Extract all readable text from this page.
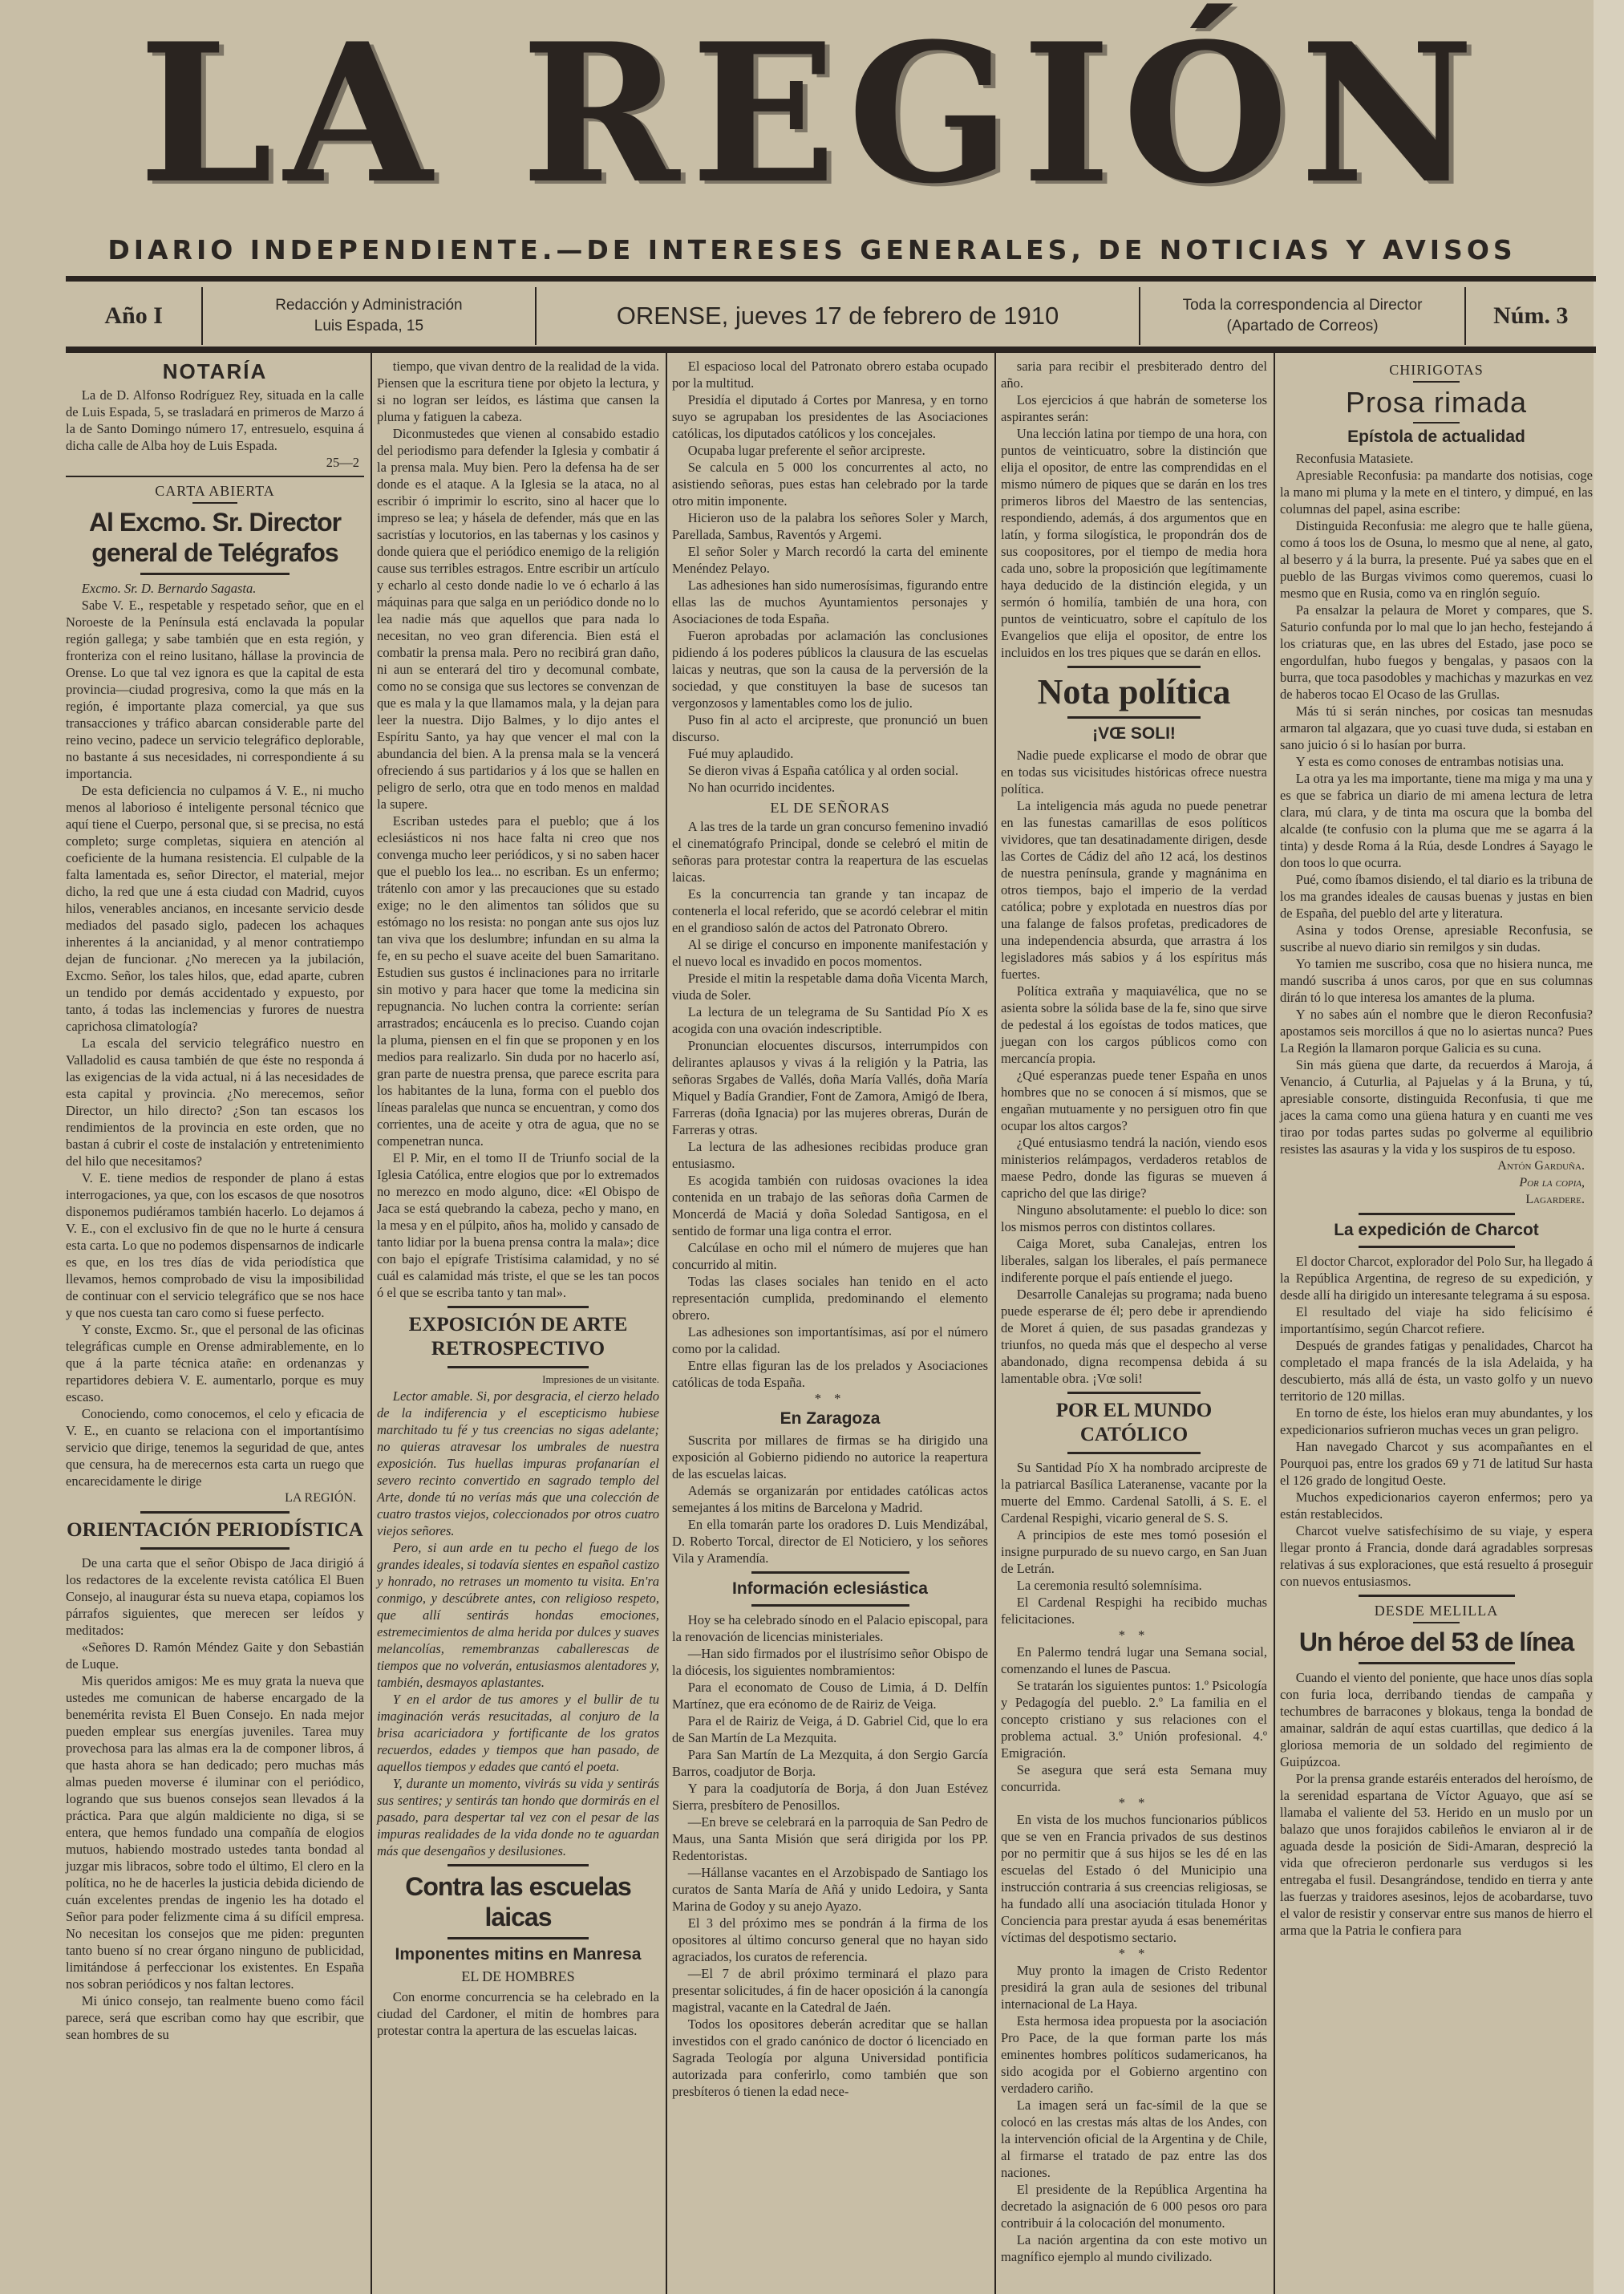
LA REGIÓN
DIARIO INDEPENDIENTE.—DE INTERESES GENERALES, DE NOTICIAS Y AVISOS
Año I	Redacción y Administración
Luis Espada, 15	ORENSE, jueves 17 de febrero de 1910	Toda la correspondencia al Director
(Apartado de Correos)	Núm. 3
NOTARÍA

La de D. Alfonso Rodríguez Rey, situada en la calle de Luis Espada, 5, se trasladará en primeros de Marzo á la de Santo Domingo número 17, entresuelo, esquina á dicha calle de Alba hoy de Luis Espada.

25—2
CARTA ABIERTA
Al Excmo. Sr. Director general de Telégrafos

Excmo. Sr. D. Bernardo Sagasta.

Sabe V. E., respetable y respetado señor, que en el Noroeste de la Península está enclavada la popular región gallega; y sabe también que en esta región, y fronteriza con el reino lusitano, hállase la provincia de Orense. Lo que tal vez ignora es que la capital de esta provincia—ciudad progresiva, como la que más en la región, é importante plaza comercial, ya que sus transacciones y tráfico abarcan considerable parte del reino vecino, padece un servicio telegráfico deplorable, no bastante á sus necesidades, ni correspondiente á su importancia.

De esta deficiencia no culpamos á V. E., ni mucho menos al laborioso é inteligente personal técnico que aquí tiene el Cuerpo, personal que, si se precisa, no está completo; surge completas, siquiera en atención al coeficiente de la humana resistencia. El culpable de la falta lamentada es, señor Director, el material, mejor dicho, la red que une á esta ciudad con Madrid, cuyos hilos, venerables ancianos, en incesante servicio desde mediados del pasado siglo, padecen los achaques inherentes á la ancianidad, y al menor contratiempo dejan de funcionar. ¿No merecen ya la jubilación, Excmo. Señor, los tales hilos, que, edad aparte, cubren un tendido por demás accidentado y expuesto, por tanto, á todas las inclemencias y furores de nuestra caprichosa climatología?

La escala del servicio telegráfico nuestro en Valladolid es causa también de que éste no responda á las exigencias de la vida actual, ni á las necesidades de esta capital y provincia. ¿No merecemos, señor Director, un hilo directo? ¿Son tan escasos los rendimientos de la provincia en este orden, que no bastan á cubrir el coste de instalación y entretenimiento del hilo que necesitamos?

V. E. tiene medios de responder de plano á estas interrogaciones, ya que, con los escasos de que nosotros disponemos pudiéramos también hacerlo. Lo dejamos á V. E., con el exclusivo fin de que no le hurte á censura esta carta. Lo que no podemos dispensarnos de indicarle es que, en los tres días de vida periodística que llevamos, hemos comprobado de visu la imposibilidad de continuar con el servicio telegráfico que se nos hace y que nos cuesta tan caro como si fuese perfecto.

Y conste, Excmo. Sr., que el personal de las oficinas telegráficas cumple en Orense admirablemente, en lo que á la parte técnica atañe: en ordenanzas y repartidores debiera V. E. aumentarlo, porque es muy escaso.

Conociendo, como conocemos, el celo y eficacia de V. E., en cuanto se relaciona con el importantísimo servicio que dirige, tenemos la seguridad de que, antes que censura, ha de merecernos esta carta un ruego que encarecidamente le dirige

LA REGIÓN.
ORIENTACIÓN PERIODÍSTICA

De una carta que el señor Obispo de Jaca dirigió á los redactores de la excelente revista católica El Buen Consejo, al inaugurar ésta su nueva etapa, copiamos los párrafos siguientes, que merecen ser leídos y meditados:

«Señores D. Ramón Méndez Gaite y don Sebastián de Luque.

Mis queridos amigos: Me es muy grata la nueva que ustedes me comunican de haberse encargado de la benemérita revista El Buen Consejo. En nada mejor pueden emplear sus energías juveniles. Tarea muy provechosa para las almas era la de componer libros, á que hasta ahora se han dedicado; pero muchas más almas pueden moverse é iluminar con el periódico, logrando que sus buenos consejos sean llevados á la práctica. Para que algún maldiciente no diga, si se entera, que hemos fundado una compañía de elogios mutuos, habiendo mostrado ustedes tanta bondad al juzgar mis libracos, sobre todo el último, El clero en la política, no he de hacerles la justicia debida diciendo de cuán excelentes prendas de ingenio les ha dotado el Señor para poder felizmente cima á su difícil empresa. No necesitan los consejos que me piden: pregunten tanto bueno sí no crear órgano ninguno de publicidad, limitándose á perfeccionar los existentes. En España nos sobran periódicos y nos faltan lectores.

Mi único consejo, tan realmente bueno como fácil parece, será que escriban como hay que escribir, que sean hombres de su

tiempo, que vivan dentro de la realidad de la vida. Piensen que la escritura tiene por objeto la lectura, y si no logran ser leídos, es lástima que cansen la pluma y fatiguen la cabeza.

Diconmustedes que vienen al consabido estadio del periodismo para defender la Iglesia y combatir á la prensa mala. Muy bien. Pero la defensa ha de ser donde es el ataque. A la Iglesia se la ataca, no al escribir ó imprimir lo escrito, sino al hacer que lo impreso se lea; y hásela de defender, más que en las sacristías y locutorios, en las tabernas y los casinos y donde quiera que el periódico enemigo de la religión cause sus terribles estragos. Entre escribir un artículo y echarlo al cesto donde nadie lo ve ó echarlo á las máquinas para que salga en un periódico donde no lo lea nadie más que aquellos que para nada lo necesitan, no veo gran diferencia. Bien está el combatir la prensa mala. Pero no recibirá gran daño, ni aun se enterará del tiro y decomunal combate, como no se consiga que sus lectores se convenzan de que es mala y la que llamamos mala, y la dejan para leer la nuestra. Dijo Balmes, y lo dijo antes el Espíritu Santo, ya hay que vencer el mal con la abundancia del bien. A la prensa mala se la vencerá ofreciendo á sus partidarios y á los que se hallen en peligro de serlo, otra que en todo menos en maldad la supere.

Escriban ustedes para el pueblo; que á los eclesiásticos ni nos hace falta ni creo que nos convenga mucho leer periódicos, y si no saben hacer que el pueblo los lea... no escriban. Es un enfermo; trátenlo con amor y las precauciones que su estado exige; no le den alimentos tan sólidos que su estómago no los resista: no pongan ante sus ojos luz tan viva que los deslumbre; infundan en su alma la fe, en su pecho el suave aceite del buen Samaritano. Estudien sus gustos é inclinaciones para no irritarle sin motivo y para hacer que tome la medicina sin repugnancia. No luchen contra la corriente: serían arrastrados; encáucenla es lo preciso. Cuando cojan la pluma, piensen en el fin que se proponen y en los medios para realizarlo. Sin duda por no hacerlo así, gran parte de nuestra prensa, que parece escrita para los habitantes de la luna, forma con el pueblo dos líneas paralelas que nunca se encuentran, y como dos corrientes, una de aceite y otra de agua, que no se compenetran nunca.

El P. Mir, en el tomo II de Triunfo social de la Iglesia Católica, entre elogios que por lo extremados no merezco en modo alguno, dice: «El Obispo de Jaca se está quebrando la cabeza, pecho y mano, en la mesa y en el púlpito, años ha, molido y cansado de tanto lidiar por la buena prensa contra la mala»; dice con bajo el epígrafe Tristísima calamidad, y no sé cuál es calamidad más triste, el que se les tan pocos ó el que se escriba tanto y tan mal».

EXPOSICIÓN DE ARTE RETROSPECTIVO
Impresiones de un visitante.

Lector amable. Si, por desgracia, el cierzo helado de la indiferencia y el escepticismo hubiese marchitado tu fé y tus creencias no sigas adelante; no quieras atravesar los umbrales de nuestra exposición. Tus huellas impuras profanarían el severo recinto convertido en sagrado templo del Arte, donde tú no verías más que una colección de cuatro trastos viejos, coleccionados por otros cuatro viejos señores.

Pero, si aun arde en tu pecho el fuego de los grandes ideales, si todavía sientes en español castizo y honrado, no retrases un momento tu visita. En'ra conmigo, y descúbrete antes, con religioso respeto, que allí sentirás hondas emociones, estremecimientos de alma herida por dulces y suaves melancolías, remembranzas caballerescas de tiempos que no volverán, entusiasmos alentadores y, también, desmayos aplastantes.

Y en el ardor de tus amores y el bullir de tu imaginación verás resucitadas, al conjuro de la brisa acariciadora y fortificante de los gratos recuerdos, edades y tiempos que han pasado, de aquellos tiempos y edades que cantó el poeta.

Y, durante un momento, vivirás su vida y sentirás sus sentires; y sentirás tan hondo que dormirás en el pasado, para despertar tal vez con el pesar de las impuras realidades de la vida donde no te aguardan más que desengaños y desilusiones.

Contra las escuelas laicas
Imponentes mitins en Manresa
EL DE HOMBRES

Con enorme concurrencia se ha celebrado en la ciudad del Cardoner, el mitin de hombres para protestar contra la apertura de las escuelas laicas.

El espacioso local del Patronato obrero estaba ocupado por la multitud.

Presidía el diputado á Cortes por Manresa, y en torno suyo se agrupaban los presidentes de las Asociaciones católicas, los diputados católicos y los concejales.

Ocupaba lugar preferente el señor arcipreste.

Se calcula en 5 000 los concurrentes al acto, no asistiendo señoras, pues estas han celebrado por la tarde otro mitin imponente.

Hicieron uso de la palabra los señores Soler y March, Parellada, Sambus, Raventós y Argemi.

El señor Soler y March recordó la carta del eminente Menéndez Pelayo.

Las adhesiones han sido numerosísimas, figurando entre ellas las de muchos Ayuntamientos personajes y Asociaciones de toda España.

Fueron aprobadas por aclamación las conclusiones pidiendo á los poderes públicos la clausura de las escuelas laicas y neutras, que son la causa de la perversión de la sociedad, y que constituyen la base de sucesos tan vergonzosos y lamentables como los de julio.

Puso fin al acto el arcipreste, que pronunció un buen discurso.

Fué muy aplaudido.

Se dieron vivas á España católica y al orden social.

No han ocurrido incidentes.

EL DE SEÑORAS

A las tres de la tarde un gran concurso femenino invadió el cinematógrafo Principal, donde se celebró el mitin de señoras para protestar contra la reapertura de las escuelas laicas.

Es la concurrencia tan grande y tan incapaz de contenerla el local referido, que se acordó celebrar el mitin en el grandioso salón de actos del Patronato Obrero.

Al se dirige el concurso en imponente manifestación y el nuevo local es invadido en pocos momentos.

Preside el mitin la respetable dama doña Vicenta March, viuda de Soler.

La lectura de un telegrama de Su Santidad Pío X es acogida con una ovación indescriptible.

Pronuncian elocuentes discursos, interrumpidos con delirantes aplausos y vivas á la religión y la Patria, las señoras Srgabes de Vallés, doña María Vallés, doña María Miquel y Badía Grandier, Font de Zamora, Amigó de Ibera, Farreras (doña Ignacia) por las mujeres obreras, Durán de Farreras y otras.

La lectura de las adhesiones recibidas produce gran entusiasmo.

Es acogida también con ruidosas ovaciones la idea contenida en un trabajo de las señoras doña Carmen de Moncerdá de Maciá y doña Soledad Santigosa, en el sentido de formar una liga contra el error.

Calcúlase en ocho mil el número de mujeres que han concurrido al mitin.

Todas las clases sociales han tenido en el acto representación cumplida, predominando el elemento obrero.

Las adhesiones son importantísimas, así por el número como por la calidad.

Entre ellas figuran las de los prelados y Asociaciones católicas de toda España.

* *
En Zaragoza

Suscrita por millares de firmas se ha dirigido una exposición al Gobierno pidiendo no autorice la reapertura de las escuelas laicas.

Además se organizarán por entidades católicas actos semejantes á los mitins de Barcelona y Madrid.

En ella tomarán parte los oradores D. Luis Mendizábal, D. Roberto Torcal, director de El Noticiero, y los señores Vila y Aramendía.

Información eclesiástica

Hoy se ha celebrado sínodo en el Palacio episcopal, para la renovación de licencias ministeriales.

—Han sido firmados por el ilustrísimo señor Obispo de la diócesis, los siguientes nombramientos:

Para el economato de Couso de Limia, á D. Delfín Martínez, que era ecónomo de de Rairiz de Veiga.

Para el de Rairiz de Veiga, á D. Gabriel Cid, que lo era de San Martín de La Mezquita.

Para San Martín de La Mezquita, á don Sergio García Barros, coadjutor de Borja.

Y para la coadjutoría de Borja, á don Juan Estévez Sierra, presbítero de Penosillos.

—En breve se celebrará en la parroquia de San Pedro de Maus, una Santa Misión que será dirigida por los PP. Redentoristas.

—Hállanse vacantes en el Arzobispado de Santiago los curatos de Santa María de Añá y unido Ledoira, y Santa Marina de Godoy y su anejo Ayazo.

El 3 del próximo mes se pondrán á la firma de los opositores al último concurso general que no hayan sido agraciados, los curatos de referencia.

—El 7 de abril próximo terminará el plazo para presentar solicitudes, á fin de hacer oposición á la canongía magistral, vacante en la Catedral de Jaén.

Todos los opositores deberán acreditar que se hallan investidos con el grado canónico de doctor ó licenciado en Sagrada Teología por alguna Universidad pontificia autorizada para conferirlo, como también que son presbíteros ó tienen la edad nece-

saria para recibir el presbiterado dentro del año.

Los ejercicios á que habrán de someterse los aspirantes serán:

Una lección latina por tiempo de una hora, con puntos de veinticuatro, sobre la distinción que elija el opositor, de entre las comprendidas en el mismo número de piques que se darán en los tres primeros libros del Maestro de las sentencias, respondiendo, además, á dos argumentos que en latín, y forma silogística, le propondrán dos de sus coopositores, por el tiempo de media hora cada uno, sobre la proposición que legítimamente haya deducido de la distinción elegida, y un sermón ó homilía, también de una hora, con puntos de veinticuatro, sobre el capítulo de los Evangelios que elija el opositor, de entre los incluidos en los tres piques que se darán en ellos.

Nota política
¡VŒ SOLI!

Nadie puede explicarse el modo de obrar que en todas sus vicisitudes históricas ofrece nuestra política.

La inteligencia más aguda no puede penetrar en las funestas camarillas de esos políticos vividores, que tan desatinadamente dirigen, desde las Cortes de Cádiz del año 12 acá, los destinos de nuestra península, grande y magnánima en otros tiempos, bajo el imperio de la verdad católica; pobre y explotada en nuestros días por una falange de falsos profetas, predicadores de una independencia absurda, que arrastra á los legisladores más sabios y á los espíritus más fuertes.

Política extraña y maquiavélica, que no se asienta sobre la sólida base de la fe, sino que sirve de pedestal á los egoístas de todos matices, que juegan con los cargos públicos como con mercancía propia.

¿Qué esperanzas puede tener España en unos hombres que no se conocen á sí mismos, que se engañan mutuamente y no persiguen otro fin que ocupar los altos cargos?

¿Qué entusiasmo tendrá la nación, viendo esos ministerios relámpagos, verdaderos retablos de maese Pedro, donde las figuras se mueven á capricho del que las dirige?

Ninguno absolutamente: el pueblo lo dice: son los mismos perros con distintos collares.

Caiga Moret, suba Canalejas, entren los liberales, salgan los liberales, el país permanece indiferente porque el país entiende el juego.

Desarrolle Canalejas su programa; nada bueno puede esperarse de él; pero debe ir aprendiendo de Moret á quien, de sus pasadas grandezas y triunfos, no queda más que el despecho al verse abandonado, digna recompensa debida á su lamentable obra. ¡Vœ soli!

POR EL MUNDO CATÓLICO

Su Santidad Pío X ha nombrado arcipreste de la patriarcal Basílica Lateranense, vacante por la muerte del Emmo. Cardenal Satolli, á S. E. el Cardenal Respighi, vicario general de S. S.

A principios de este mes tomó posesión el insigne purpurado de su nuevo cargo, en San Juan de Letrán.

La ceremonia resultó solemnísima.

El Cardenal Respighi ha recibido muchas felicitaciones.

* *

En Palermo tendrá lugar una Semana social, comenzando el lunes de Pascua.

Se tratarán los siguientes puntos: 1.º Psicología y Pedagogía del pueblo. 2.º La familia en el concepto cristiano y sus relaciones con el problema actual. 3.º Unión profesional. 4.º Emigración.

Se asegura que será esta Semana muy concurrida.

* *

En vista de los muchos funcionarios públicos que se ven en Francia privados de sus destinos por no permitir que á sus hijos se les dé en las escuelas del Estado ó del Municipio una instrucción contraria á sus creencias religiosas, se ha fundado allí una asociación titulada Honor y Conciencia para prestar ayuda á esas beneméritas víctimas del despotismo sectario.

* *

Muy pronto la imagen de Cristo Redentor presidirá la gran aula de sesiones del tribunal internacional de La Haya.

Esta hermosa idea propuesta por la asociación Pro Pace, de la que forman parte los más eminentes hombres políticos sudamericanos, ha sido acogida por el Gobierno argentino con verdadero cariño.

La imagen será un fac-símil de la que se colocó en las crestas más altas de los Andes, con la intervención oficial de la Argentina y de Chile, al firmarse el tratado de paz entre las dos naciones.

El presidente de la República Argentina ha decretado la asignación de 6 000 pesos oro para contribuir á la colocación del monumento.

La nación argentina da con este motivo un magnífico ejemplo al mundo civilizado.

CHIRIGOTAS
Prosa rimada
Epístola de actualidad

Reconfusia Matasiete.

Apresiable Reconfusia: pa mandarte dos notisias, coge la mano mi pluma y la mete en el tintero, y dimpué, en las columnas del papel, asina escribe:

Distinguida Reconfusia: me alegro que te halle güena, como á toos los de Osuna, lo mesmo que al nene, al gato, al beserro y á la burra, la presente. Pué ya sabes que en el pueblo de las Burgas vivimos como queremos, cuasi lo mesmo que en Rusia, como va en ringlón seguío.

Pa ensalzar la pelaura de Moret y compares, que S. Saturio confunda por lo mal que lo jan hecho, festejando á los criaturas que, en las ubres del Estado, jase poco se engordulfan, hubo fuegos y bengalas, y pasaos con la burra, que toca pasodobles y machichas y mazurkas en vez de haberos tocao El Ocaso de las Grullas.

Más tú si serán ninches, por cosicas tan mesnudas armaron tal algazara, que yo cuasi tuve duda, si estaban en sano juicio ó si lo hasían por burra.

Y esta es como conoses de entrambas notisias una.

La otra ya les ma importante, tiene ma miga y ma una y es que se fabrica un diario de mi amena lectura de letra clara, mú clara, y de tinta ma oscura que la bomba del alcalde (te confusio con la pluma que me se agarra á la tinta) y desde Roma á la Rúa, desde Londres á Sayago le don toos lo que ocurra.

Pué, como íbamos disiendo, el tal diario es la tribuna de los ma grandes ideales de causas buenas y justas en bien de España, del pueblo del arte y literatura.

Asina y todos Orense, apresiable Reconfusia, se suscribe al nuevo diario sin remilgos y sin dudas.

Yo tamien me suscribo, cosa que no hisiera nunca, me mandó suscriba á unos caros, por que en sus columnas dirán tó lo que interesa los amantes de la pluma.

Y no sabes aún el nombre que le dieron Reconfusia? apostamos seis morcillos á que no lo asiertas nunca? Pues La Región la llamaron porque Galicia es su cuna.

Sin más güena que darte, da recuerdos á Maroja, á Venancio, á Cuturlia, al Pajuelas y á la Bruna, y tú, apresiable consorte, distinguida Reconfusia, ti que me jaces la cama como una güena hatura y en cuanti me ves tirao por todas partes sudas po golverme al equilibrio resistes las asauras y la vida y los suspiros de tu esposo.

Antón Garduña.
Por la copia,
Lagardere.
La expedición de Charcot

El doctor Charcot, explorador del Polo Sur, ha llegado á la República Argentina, de regreso de su expedición, y desde allí ha dirigido un interesante telegrama á su esposa.

El resultado del viaje ha sido felicísimo é importantísimo, según Charcot refiere.

Después de grandes fatigas y penalidades, Charcot ha completado el mapa francés de la isla Adelaida, y ha descubierto, más allá de ésta, un vasto golfo y un nuevo territorio de 120 millas.

En torno de éste, los hielos eran muy abundantes, y los expedicionarios sufrieron muchas veces un gran peligro.

Han navegado Charcot y sus acompañantes en el Pourquoi pas, entre los grados 69 y 71 de latitud Sur hasta el 126 grado de longitud Oeste.

Muchos expedicionarios cayeron enfermos; pero ya están restablecidos.

Charcot vuelve satisfechísimo de su viaje, y espera llegar pronto á Francia, donde dará agradables sorpresas relativas á sus exploraciones, que está resuelto á proseguir con nuevos entusiasmos.

DESDE MELILLA
Un héroe del 53 de línea

Cuando el viento del poniente, que hace unos días sopla con furia loca, derribando tiendas de campaña y techumbres de barracones y blokaus, tenga la bondad de amainar, saldrán de aquí estas cuartillas, que dedico á la gloriosa memoria de un soldado del regimiento de Guipúzcoa.

Por la prensa grande estaréis enterados del heroísmo, de la serenidad espartana de Víctor Aguayo, que así se llamaba el valiente del 53. Herido en un muslo por un balazo que unos forajidos cabileños le enviaron al ir de aguada desde la posición de Sidi-Amaran, despreció la vida que ofrecieron perdonarle sus verdugos si les entregaba el fusil. Desangrándose, tendido en tierra y ante las fuerzas y traidores asesinos, lejos de acobardarse, tuvo el valor de resistir y conservar entre sus manos de hierro el arma que la Patria le confiera para
